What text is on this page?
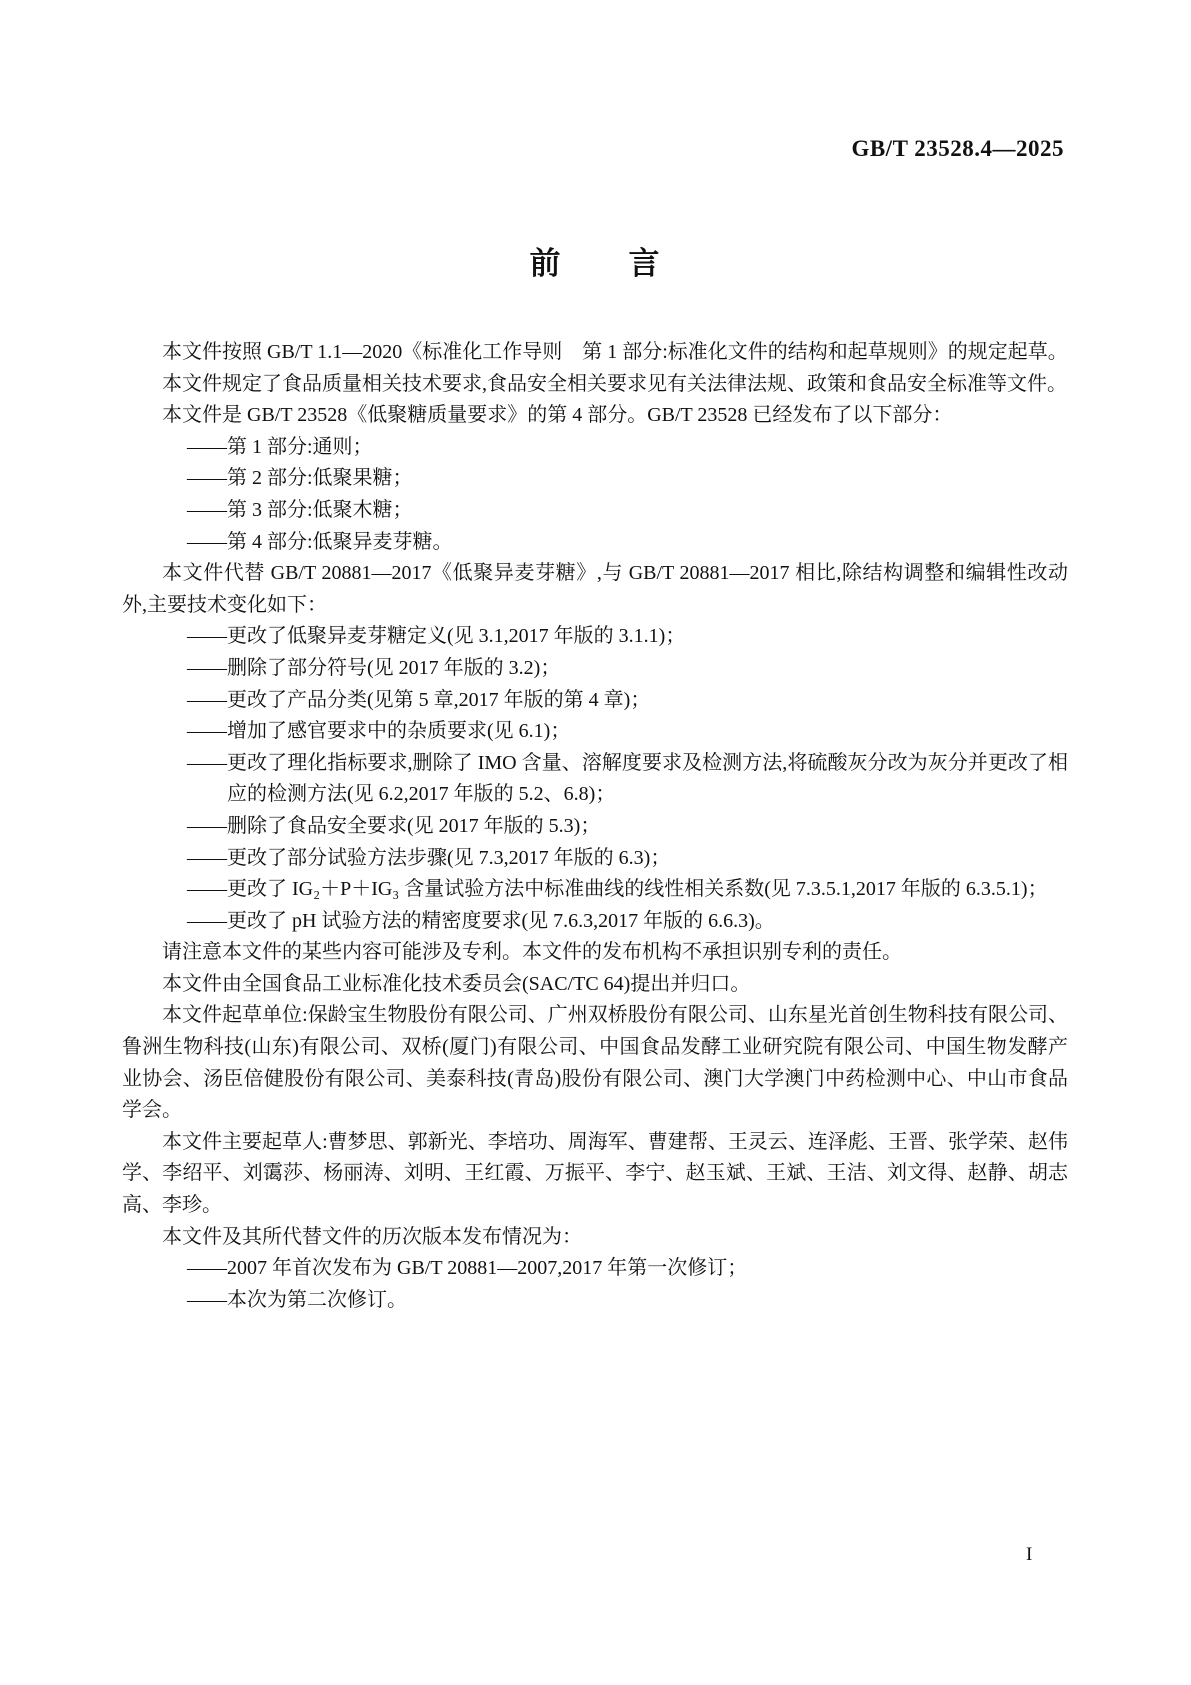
GB/T 23528.4—2025
前　　言

本文件按照 GB/T 1.1—2020《标准化工作导则　第 1 部分:标准化文件的结构和起草规则》的规定起草。

本文件规定了食品质量相关技术要求,食品安全相关要求见有关法律法规、政策和食品安全标准等文件。

本文件是 GB/T 23528《低聚糖质量要求》的第 4 部分。GB/T 23528 已经发布了以下部分：

——第 1 部分:通则；

——第 2 部分:低聚果糖；

——第 3 部分:低聚木糖；

——第 4 部分:低聚异麦芽糖。

本文件代替 GB/T 20881—2017《低聚异麦芽糖》,与 GB/T 20881—2017 相比,除结构调整和编辑性改动外,主要技术变化如下：

——更改了低聚异麦芽糖定义(见 3.1,2017 年版的 3.1.1)；

——删除了部分符号(见 2017 年版的 3.2)；

——更改了产品分类(见第 5 章,2017 年版的第 4 章)；

——增加了感官要求中的杂质要求(见 6.1)；

——更改了理化指标要求,删除了 IMO 含量、溶解度要求及检测方法,将硫酸灰分改为灰分并更改了相应的检测方法(见 6.2,2017 年版的 5.2、6.8)；

——删除了食品安全要求(见 2017 年版的 5.3)；

——更改了部分试验方法步骤(见 7.3,2017 年版的 6.3)；

——更改了 IG₂＋P＋IG₃ 含量试验方法中标准曲线的线性相关系数(见 7.3.5.1,2017 年版的 6.3.5.1)；

——更改了 pH 试验方法的精密度要求(见 7.6.3,2017 年版的 6.6.3)。

请注意本文件的某些内容可能涉及专利。本文件的发布机构不承担识别专利的责任。

本文件由全国食品工业标准化技术委员会(SAC/TC 64)提出并归口。

本文件起草单位:保龄宝生物股份有限公司、广州双桥股份有限公司、山东星光首创生物科技有限公司、鲁洲生物科技(山东)有限公司、双桥(厦门)有限公司、中国食品发酵工业研究院有限公司、中国生物发酵产业协会、汤臣倍健股份有限公司、美泰科技(青岛)股份有限公司、澳门大学澳门中药检测中心、中山市食品学会。

本文件主要起草人:曹梦思、郭新光、李培功、周海军、曹建帮、王灵云、连泽彪、王晋、张学荣、赵伟学、李绍平、刘霭莎、杨丽涛、刘明、王红霞、万振平、李宁、赵玉斌、王斌、王洁、刘文得、赵静、胡志高、李珍。

本文件及其所代替文件的历次版本发布情况为：

——2007 年首次发布为 GB/T 20881—2007,2017 年第一次修订；

——本次为第二次修订。

I
